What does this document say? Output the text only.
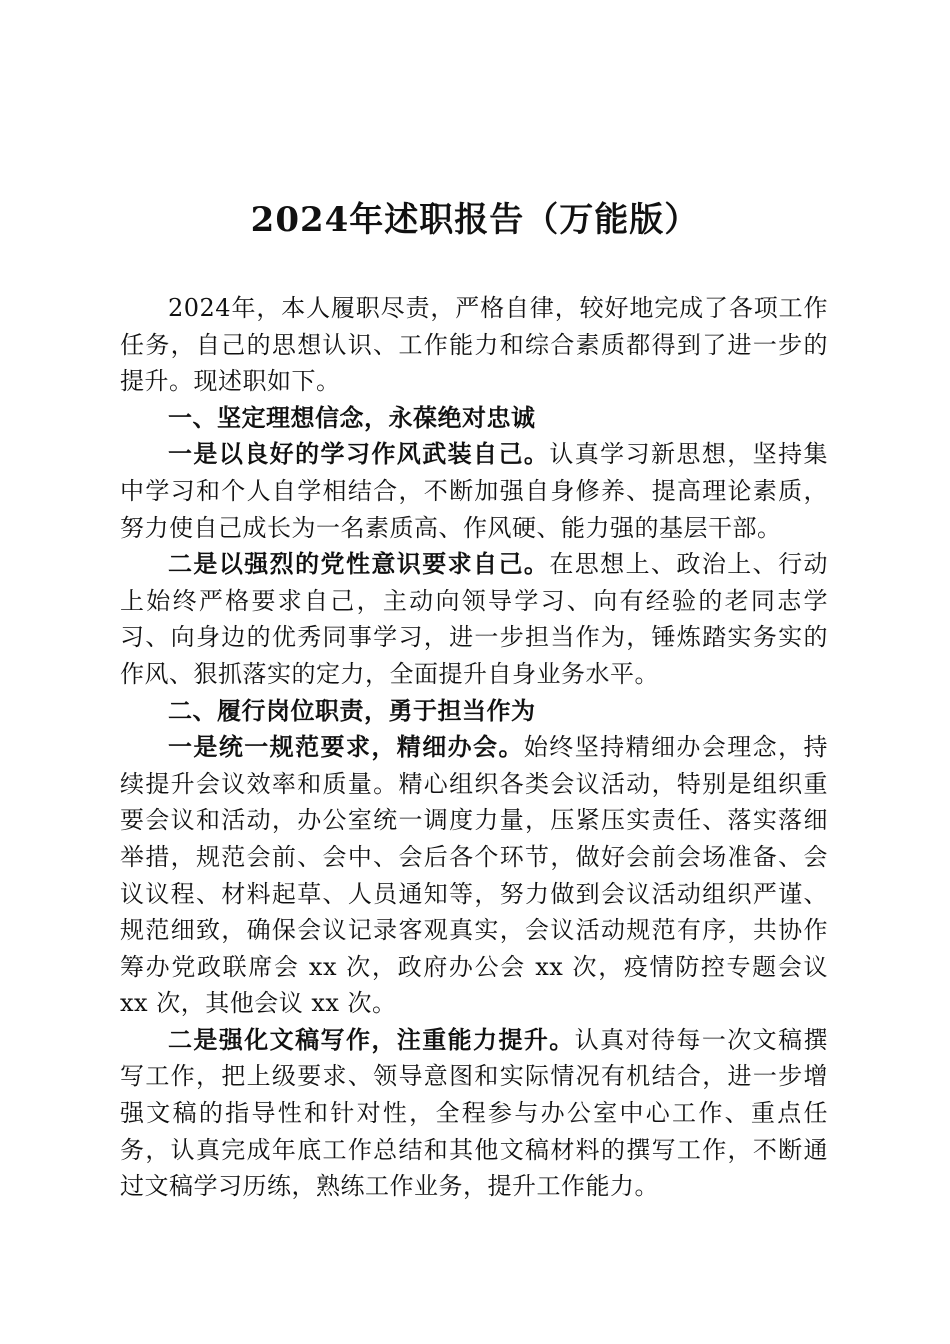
2024年述职报告（万能版）

2024年，本人履职尽责，严格自律，较好地完成了各项工作任务，自己的思想认识、工作能力和综合素质都得到了进一步的提升。现述职如下。

一、坚定理想信念，永葆绝对忠诚

一是以良好的学习作风武装自己。认真学习新思想，坚持集中学习和个人自学相结合，不断加强自身修养、提高理论素质，努力使自己成长为一名素质高、作风硬、能力强的基层干部。

二是以强烈的党性意识要求自己。在思想上、政治上、行动上始终严格要求自己，主动向领导学习、向有经验的老同志学习、向身边的优秀同事学习，进一步担当作为，锤炼踏实务实的作风、狠抓落实的定力，全面提升自身业务水平。

二、履行岗位职责，勇于担当作为

一是统一规范要求，精细办会。始终坚持精细办会理念，持续提升会议效率和质量。精心组织各类会议活动，特别是组织重要会议和活动，办公室统一调度力量，压紧压实责任、落实落细举措，规范会前、会中、会后各个环节，做好会前会场准备、会议议程、材料起草、人员通知等，努力做到会议活动组织严谨、规范细致，确保会议记录客观真实，会议活动规范有序，共协作筹办党政联席会 xx 次，政府办公会 xx 次，疫情防控专题会议 xx 次，其他会议 xx 次。

二是强化文稿写作，注重能力提升。认真对待每一次文稿撰写工作，把上级要求、领导意图和实际情况有机结合，进一步增强文稿的指导性和针对性，全程参与办公室中心工作、重点任务，认真完成年底工作总结和其他文稿材料的撰写工作，不断通过文稿学习历练，熟练工作业务，提升工作能力。
